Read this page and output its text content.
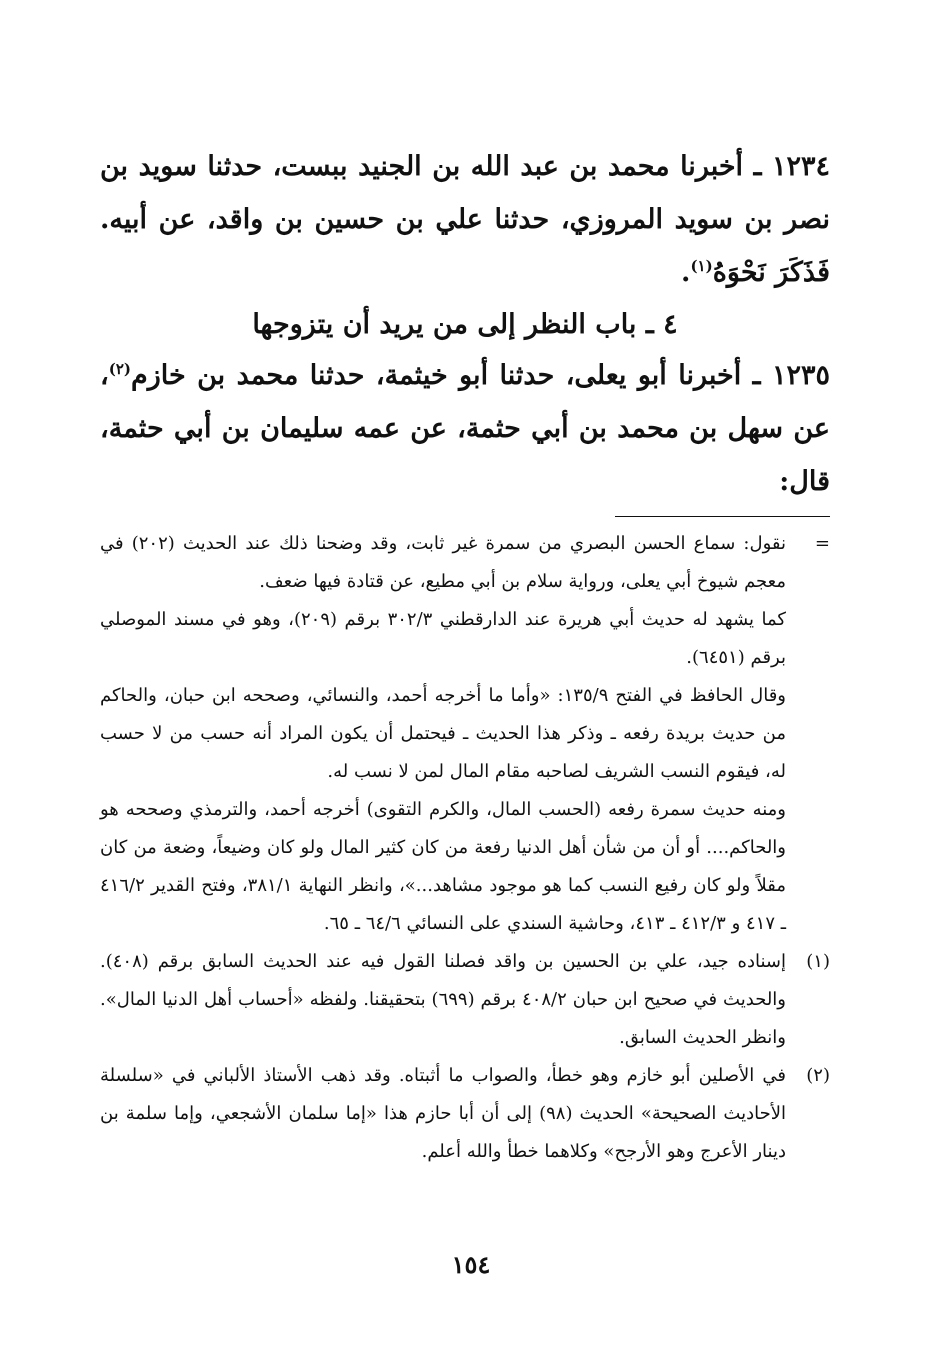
١٢٣٤ ـ أخبرنا محمد بن عبد الله بن الجنيد ببست، حدثنا سويد بن نصر بن سويد المروزي، حدثنا علي بن حسين بن واقد، عن أبيه. فَذَكَرَ نَحْوَهُ$^{(١)}$.

٤ ـ باب النظر إلى من يريد أن يتزوجها

١٢٣٥ ـ أخبرنا أبو يعلى، حدثنا أبو خيثمة، حدثنا محمد بن خازم$^{(٢)}$، عن سهل بن محمد بن أبي حثمة، عن عمه سليمان بن أبي حثمة، قال:

=

نقول: سماع الحسن البصري من سمرة غير ثابت، وقد وضحنا ذلك عند الحديث (٢٠٢) في معجم شيوخ أبي يعلى، ورواية سلام بن أبي مطيع، عن قتادة فيها ضعف.

كما يشهد له حديث أبي هريرة عند الدارقطني ٣٠٢/٣ برقم (٢٠٩)، وهو في مسند الموصلي برقم (٦٤٥١).

وقال الحافظ في الفتح ١٣٥/٩: «وأما ما أخرجه أحمد، والنسائي، وصححه ابن حبان، والحاكم من حديث بريدة رفعه ـ وذكر هذا الحديث ـ فيحتمل أن يكون المراد أنه حسب من لا حسب له، فيقوم النسب الشريف لصاحبه مقام المال لمن لا نسب له.

ومنه حديث سمرة رفعه (الحسب المال، والكرم التقوى) أخرجه أحمد، والترمذي وصححه هو والحاكم.... أو أن من شأن أهل الدنيا رفعة من كان كثير المال ولو كان وضيعاً، وضعة من كان مقلاً ولو كان رفيع النسب كما هو موجود مشاهد...»، وانظر النهاية ٣٨١/١، وفتح القدير ٤١٦/٢ ـ ٤١٧ و ٤١٢/٣ ـ ٤١٣، وحاشية السندي على النسائي ٦٤/٦ ـ ٦٥.

(١)

إسناده جيد، علي بن الحسين بن واقد فصلنا القول فيه عند الحديث السابق برقم (٤٠٨). والحديث في صحيح ابن حبان ٤٠٨/٢ برقم (٦٩٩) بتحقيقنا. ولفظه «أحساب أهل الدنيا المال». وانظر الحديث السابق.

(٢)

في الأصلين أبو خازم وهو خطأ، والصواب ما أثبتاه. وقد ذهب الأستاذ الألباني في «سلسلة الأحاديث الصحيحة» الحديث (٩٨) إلى أن أبا حازم هذا «إما سلمان الأشجعي، وإما سلمة بن دينار الأعرج وهو الأرجح» وكلاهما خطأ والله أعلم.

١٥٤
